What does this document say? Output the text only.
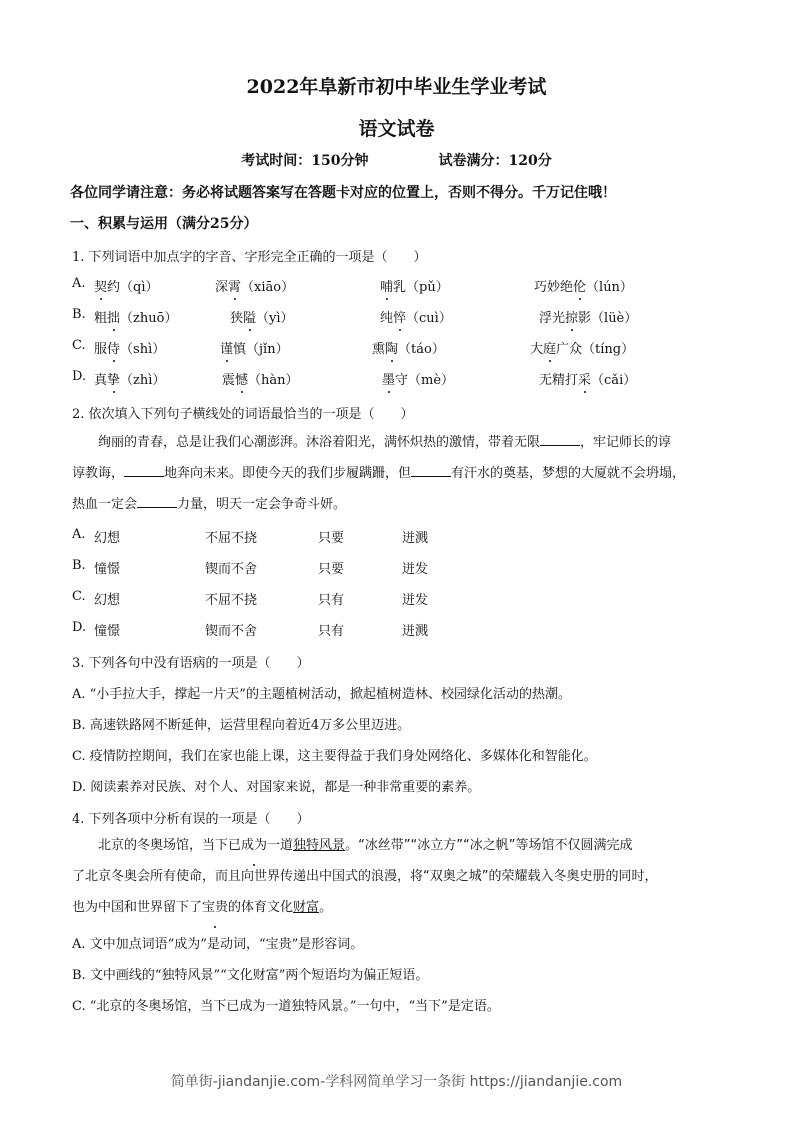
2022年阜新市初中毕业生学业考试
语文试卷
考试时间：150分钟	试卷满分：120分
各位同学请注意：务必将试题答案写在答题卡对应的位置上，否则不得分。千万记住哦！
一、积累与运用（满分25分）
1. 下列词语中加点字的字音、字形完全正确的一项是（　　）
A. 契约（qì）	深霄（xiāo）	哺乳（pǔ）	巧妙绝伦（lún）
B. 粗拙（zhuō）	狭隘（yì）	纯悴（cuì）	浮光掠影（lüè）
C. 服侍（shì）	谨慎（jǐn）	熏陶（táo）	大庭广众（tíng）
D. 真挚（zhì）	震憾（hàn）	墨守（mè）	无精打采（cǎi）
2. 依次填入下列句子横线处的词语最恰当的一项是（　　）
绚丽的青春，总是让我们心潮澎湃。沐浴着阳光，满怀炽热的激情，带着无限	，牢记师长的谆
谆教诲，	地奔向未来。即使今天的我们步履蹒跚，但	有汗水的奠基，梦想的大厦就不会坍塌，
热血一定会	力量，明天一定会争奇斗妍。
A. 幻想	不屈不挠	只要	迸溅
B. 憧憬	锲而不舍	只要	迸发
C. 幻想	不屈不挠	只有	迸发
D. 憧憬	锲而不舍	只有	迸溅
3. 下列各句中没有语病的一项是（　　）
A. “小手拉大手，撑起一片天”的主题植树活动，掀起植树造林、校园绿化活动的热潮。
B. 高速铁路网不断延伸，运营里程向着近4万多公里迈进。
C. 疫情防控期间，我们在家也能上课，这主要得益于我们身处网络化、多媒体化和智能化。
D. 阅读素养对民族、对个人、对国家来说，都是一种非常重要的素养。
4. 下列各项中分析有误的一项是（　　）
北京的冬奥场馆，当下已成为一道独特风景。“冰丝带”“冰立方”“冰之帆”等场馆不仅圆满完成
了北京冬奥会所有使命，而且向世界传递出中国式的浪漫，将“双奥之城”的荣耀载入冬奥史册的同时，
也为中国和世界留下了宝贵的体育文化财富。
A. 文中加点词语“成为”是动词，“宝贵”是形容词。
B. 文中画线的“独特风景”“文化财富”两个短语均为偏正短语。
C. “北京的冬奥场馆，当下已成为一道独特风景。”一句中，“当下”是定语。
简单街-jiandanjie.com-学科网简单学习一条街 https://jiandanjie.com
